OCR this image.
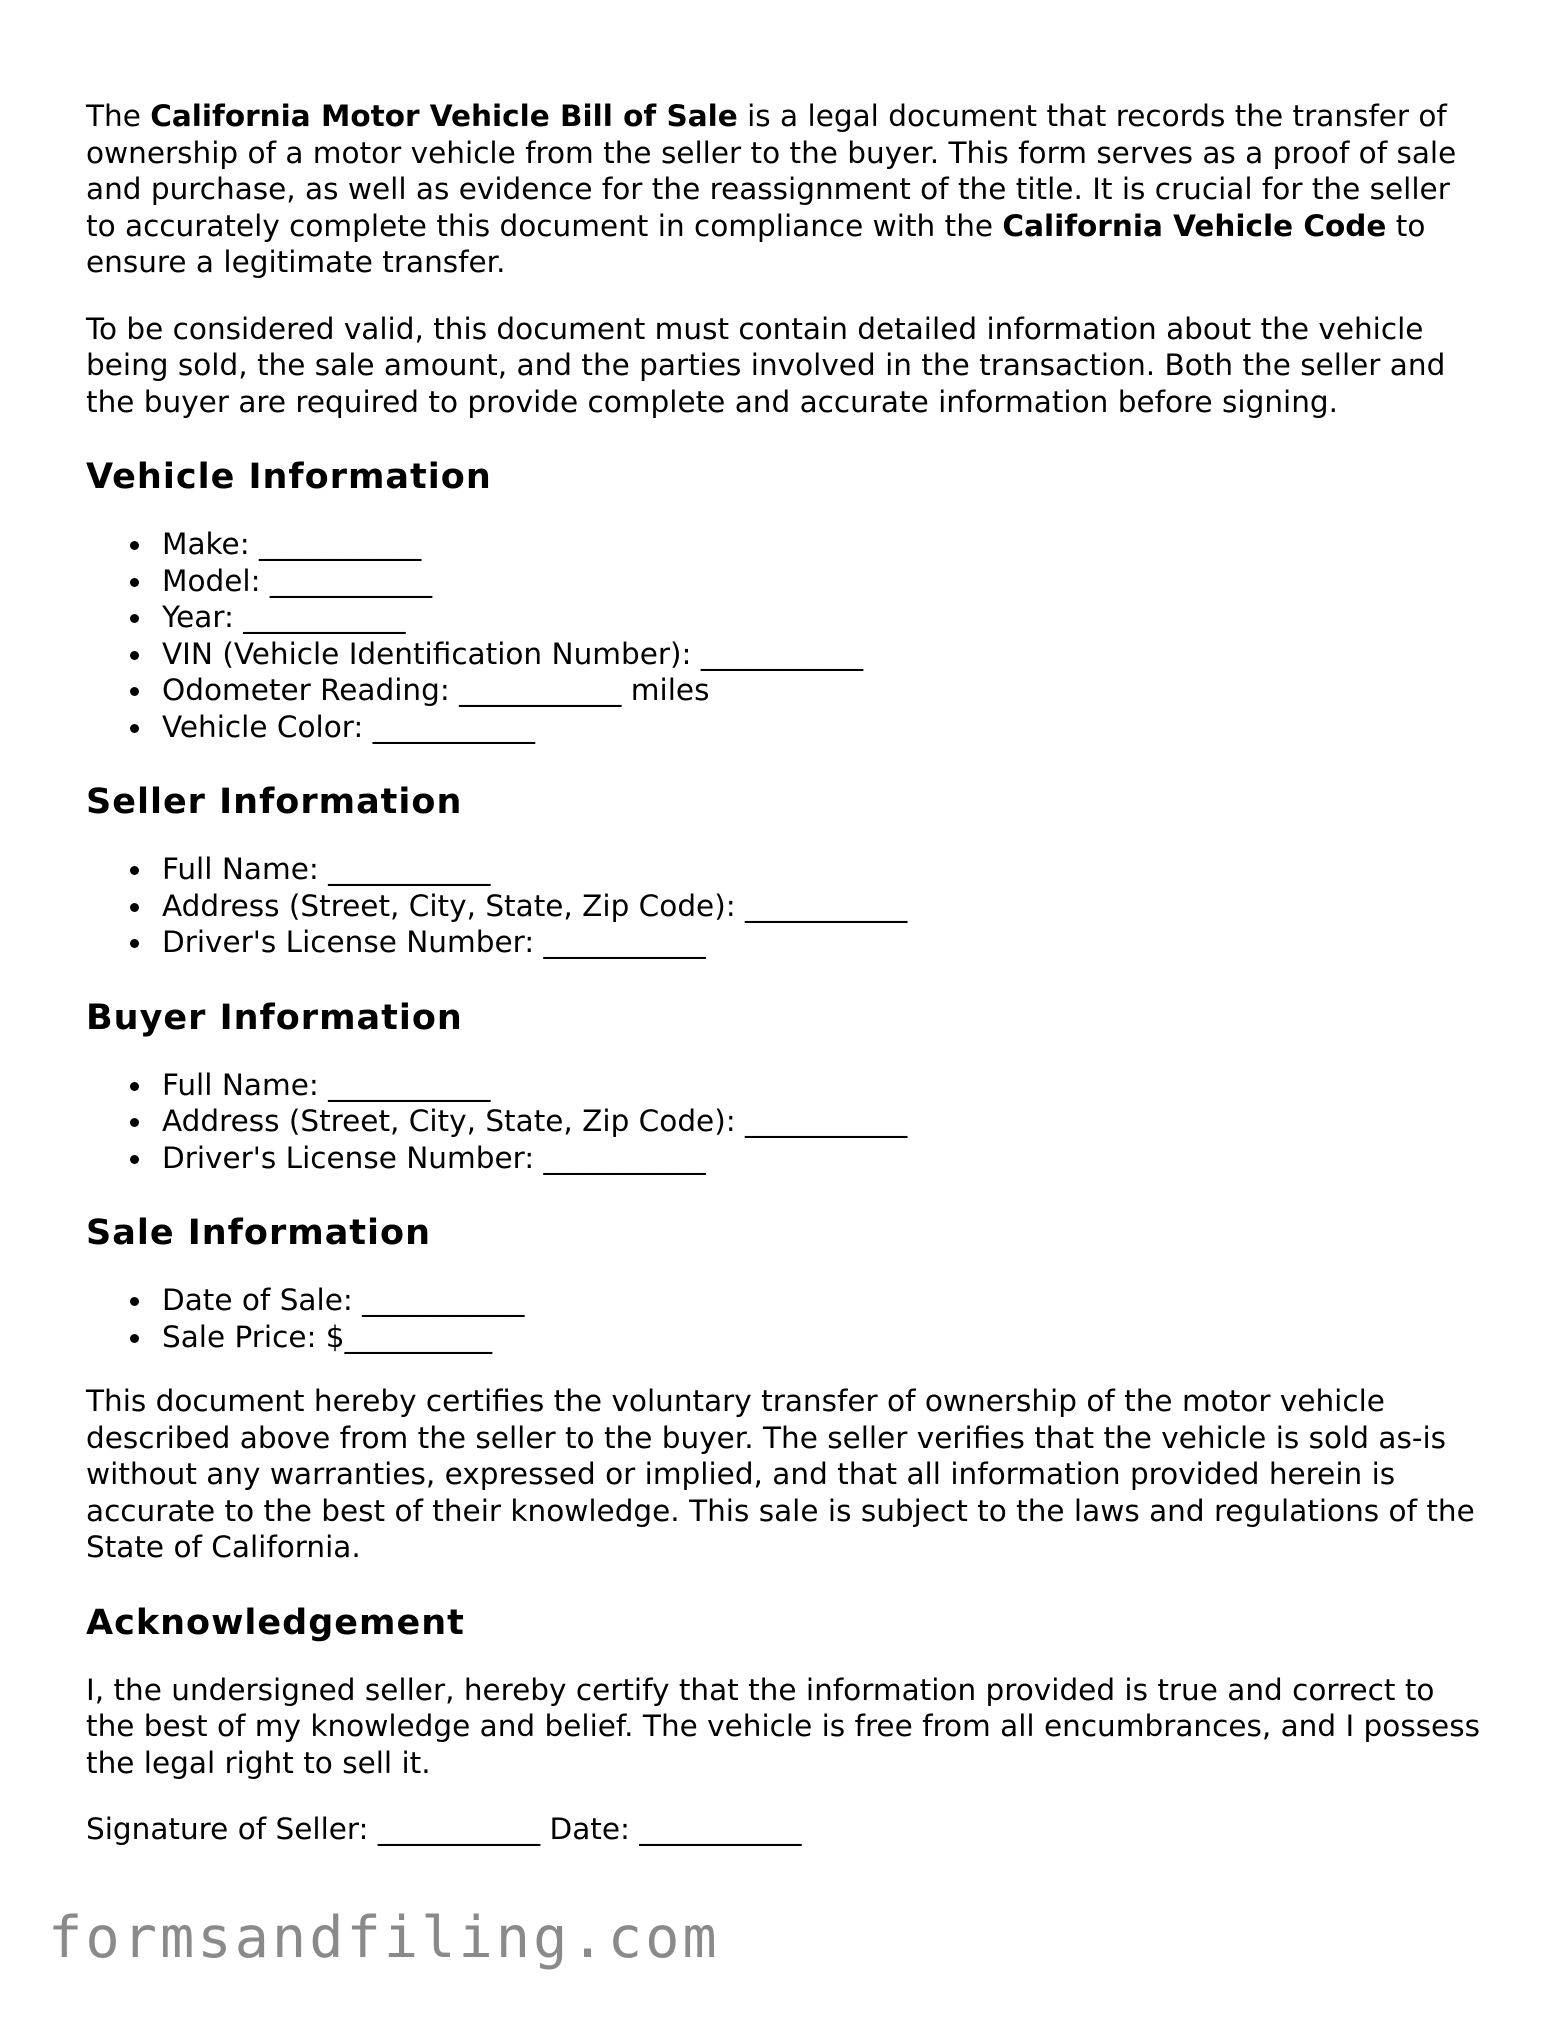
The California Motor Vehicle Bill of Sale is a legal document that records the transfer of ownership of a motor vehicle from the seller to the buyer. This form serves as a proof of sale and purchase, as well as evidence for the reassignment of the title. It is crucial for the seller to accurately complete this document in compliance with the California Vehicle Code to ensure a legitimate transfer.

To be considered valid, this document must contain detailed information about the vehicle being sold, the sale amount, and the parties involved in the transaction. Both the seller and the buyer are required to provide complete and accurate information before signing.

Vehicle Information
Make: ___________
Model: ___________
Year: ___________
VIN (Vehicle Identification Number): ___________
Odometer Reading: ___________ miles
Vehicle Color: ___________
Seller Information
Full Name: ___________
Address (Street, City, State, Zip Code): ___________
Driver's License Number: ___________
Buyer Information
Full Name: ___________
Address (Street, City, State, Zip Code): ___________
Driver's License Number: ___________
Sale Information
Date of Sale: ___________
Sale Price: $__________

This document hereby certifies the voluntary transfer of ownership of the motor vehicle described above from the seller to the buyer. The seller verifies that the vehicle is sold as-is without any warranties, expressed or implied, and that all information provided herein is accurate to the best of their knowledge. This sale is subject to the laws and regulations of the State of California.

Acknowledgement

I, the undersigned seller, hereby certify that the information provided is true and correct to the best of my knowledge and belief. The vehicle is free from all encumbrances, and I possess the legal right to sell it.

Signature of Seller: ___________ Date: ___________

formsandfiling.com
